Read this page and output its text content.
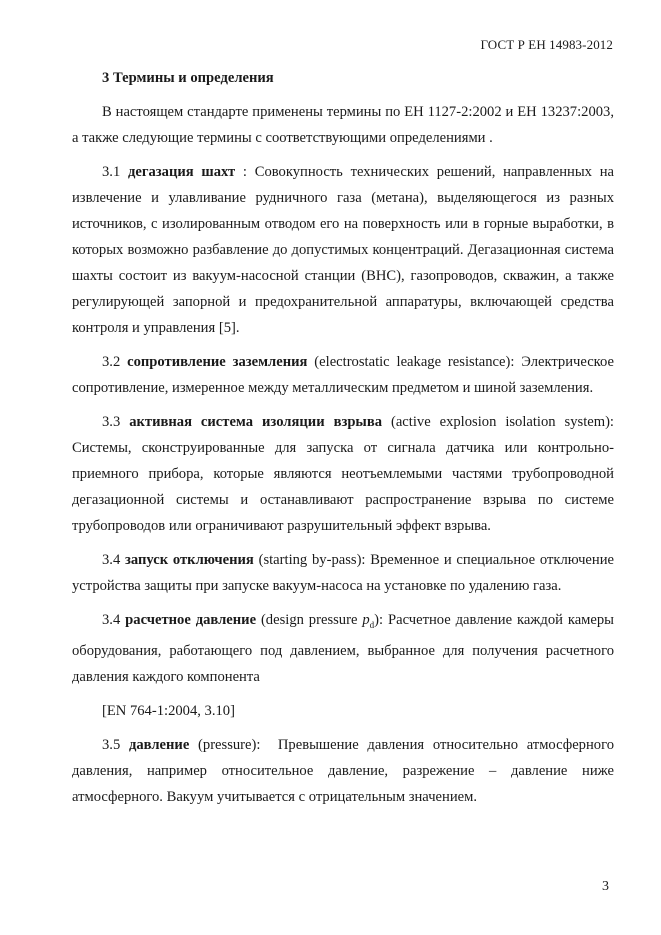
ГОСТ Р ЕН 14983-2012
3 Термины и определения

В настоящем стандарте применены термины по ЕН 1127-2:2002 и ЕН 13237:2003, а также следующие термины с соответствующими определениями .

3.1 дегазация шахт : Совокупность технических решений, направленных на извлечение и улавливание рудничного газа (метана), выделяющегося из разных источников, с изолированным отводом его на поверхность или в горные выработки, в которых возможно разбавление до допустимых концентраций. Дегазационная система шахты состоит из вакуум-насосной станции (ВНС), газопроводов, скважин, а также регулирующей запорной и предохранительной аппаратуры, включающей средства контроля и управления [5].

3.2 сопротивление заземления (electrostatic leakage resistance): Электрическое сопротивление, измеренное между металлическим предметом и шиной заземления.

3.3 активная система изоляции взрыва (active explosion isolation system): Системы, сконструированные для запуска от сигнала датчика или контрольно-приемного прибора, которые являются неотъемлемыми частями трубопроводной дегазационной системы и останавливают распространение взрыва по системе трубопроводов или ограничивают разрушительный эффект взрыва.

3.4 запуск отключения (starting by-pass): Временное и специальное отключение устройства защиты при запуске вакуум-насоса на установке по удалению газа.

3.4 расчетное давление (design pressure $p_d$): Расчетное давление каждой камеры оборудования, работающего под давлением, выбранное для получения расчетного давления каждого компонента

[EN 764-1:2004, 3.10]

3.5 давление (pressure):  Превышение давления относительно атмосферного давления, например относительное давление, разрежение – давление ниже атмосферного. Вакуум учитывается с отрицательным значением.

3
